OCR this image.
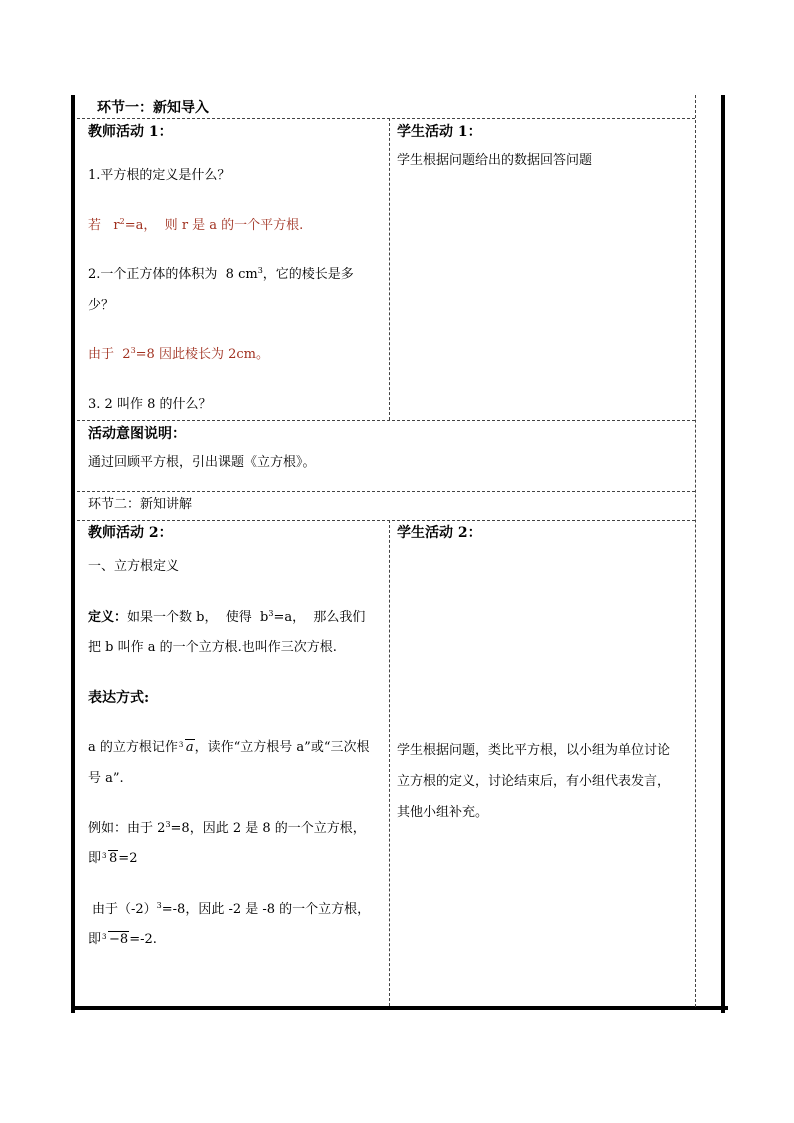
环节一：新知导入
教师活动 1：
1.平方根的定义是什么？
若 $r^2=a$， 则 r 是 a 的一个平方根.
2.一个正方体的体积为 8 $cm^3$，它的棱长是多
少？
由于 $2^3=8$ 因此棱长为 2cm。
3. 2 叫作 8 的什么？
学生活动 1：
学生根据问题给出的数据回答问题
活动意图说明：
通过回顾平方根，引出课题《立方根》。
环节二：新知讲解
教师活动 2：
一、立方根定义
定义：如果一个数 b， 使得 $b^3=a$， 那么我们
把 b 叫作 a 的一个立方根.也叫作三次方根.
表达方式:
a 的立方根记作 3 a，读作“立方根号 a”或“三次根
号 a”.
例如：由于 $2^3=8$，因此 2 是 8 的一个立方根，
即 3 8=2
由于$(-2)^3=-8$，因此 -2 是 -8 的一个立方根，
即 3 −8=-2.
学生活动 2：
学生根据问题，类比平方根，以小组为单位讨论
立方根的定义，讨论结束后，有小组代表发言，
其他小组补充。
